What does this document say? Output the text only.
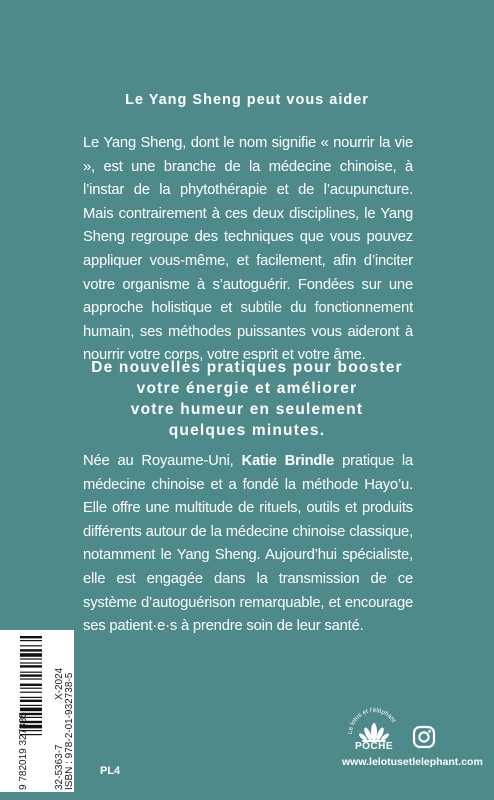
Le Yang Sheng peut vous aider
Le Yang Sheng, dont le nom signifie « nourrir la vie », est une branche de la médecine chinoise, à l’instar de la phytothérapie et de l’acupuncture. Mais contrairement à ces deux disciplines, le Yang Sheng regroupe des techniques que vous pouvez appliquer vous-même, et facilement, afin d’inciter votre organisme à s’autoguérir. Fondées sur une approche holistique et subtile du fonctionnement humain, ses méthodes puissantes vous aideront à nourrir votre corps, votre esprit et votre âme.
De nouvelles pratiques pour booster
votre énergie et améliorer
votre humeur en seulement
quelques minutes.
Née au Royaume-Uni, Katie Brindle pratique la médecine chinoise et a fondé la méthode Hayo’u. Elle offre une multitude de rituels, outils et produits différents autour de la médecine chinoise classique, notamment le Yang Sheng. Aujourd’hui spécialiste, elle est engagée dans la transmission de ce système d’autoguérison remarquable, et encourage ses patient·e·s à prendre soin de leur santé.
9 782019 327385	32-5363-7
X-2024 ISBN : 978-2-01-932738-5 PL4
Le lotus et l’éléphant
POCHE
www.lelotusetlelephant.com
